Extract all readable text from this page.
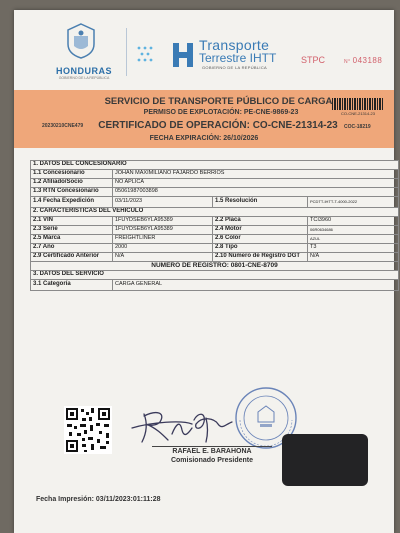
HONDURAS
GOBIERNO DE LA REPÚBLICA
Transporte
Terrestre IHTT
GOBIERNO DE LA REPÚBLICA
STPC	N° 043188
SERVICIO DE TRANSPORTE PÚBLICO DE CARGA
PERMISO DE EXPLOTACIÓN: PE-CNE-9869-23
CERTIFICADO DE OPERACIÓN: CO-CNE-21314-23
FECHA EXPIRACIÓN: 26/10/2026
20230210CNE479	COC-18219
CO-CNE-21314-23
1. DATOS DEL CONCESIONARIO			
1.1 Concesionario	JOHAN MAXIMILIANO FAJARDO BERRIOS		
1.2 Afiliado/Socio	NO APLICA		
1.3 RTN Concesionario	05061987003898		
1.4 Fecha Expedición	03/11/2023	1.5 Resolución	PCDTT-IHTT-T-4000-2022
2. CARACTERISTICAS DEL VEHICULO			
2.1 VIN	1FUYDSEB6YLA95389	2.2 Placa	TCI3960
2.3 Serie	1FUYDSEB6YLA95389	2.4 Motor	06R0634686
2.5 Marca	FREIGHTLINER	2.6 Color	AZUL
2.7 Año	2000	2.8 Tipo	T3
2.9 Certificado Anterior	N/A	2.10 Número de Registro DGT	N/A
NUMERO DE REGISTRO: 0801-CNE-8709			
3. DATOS DEL SERVICIO			
3.1 Categoría	CARGA GENERAL		
RAFAEL E. BARAHONA
Comisionado Presidente
Fecha Impresión: 03/11/2023:01:11:28
